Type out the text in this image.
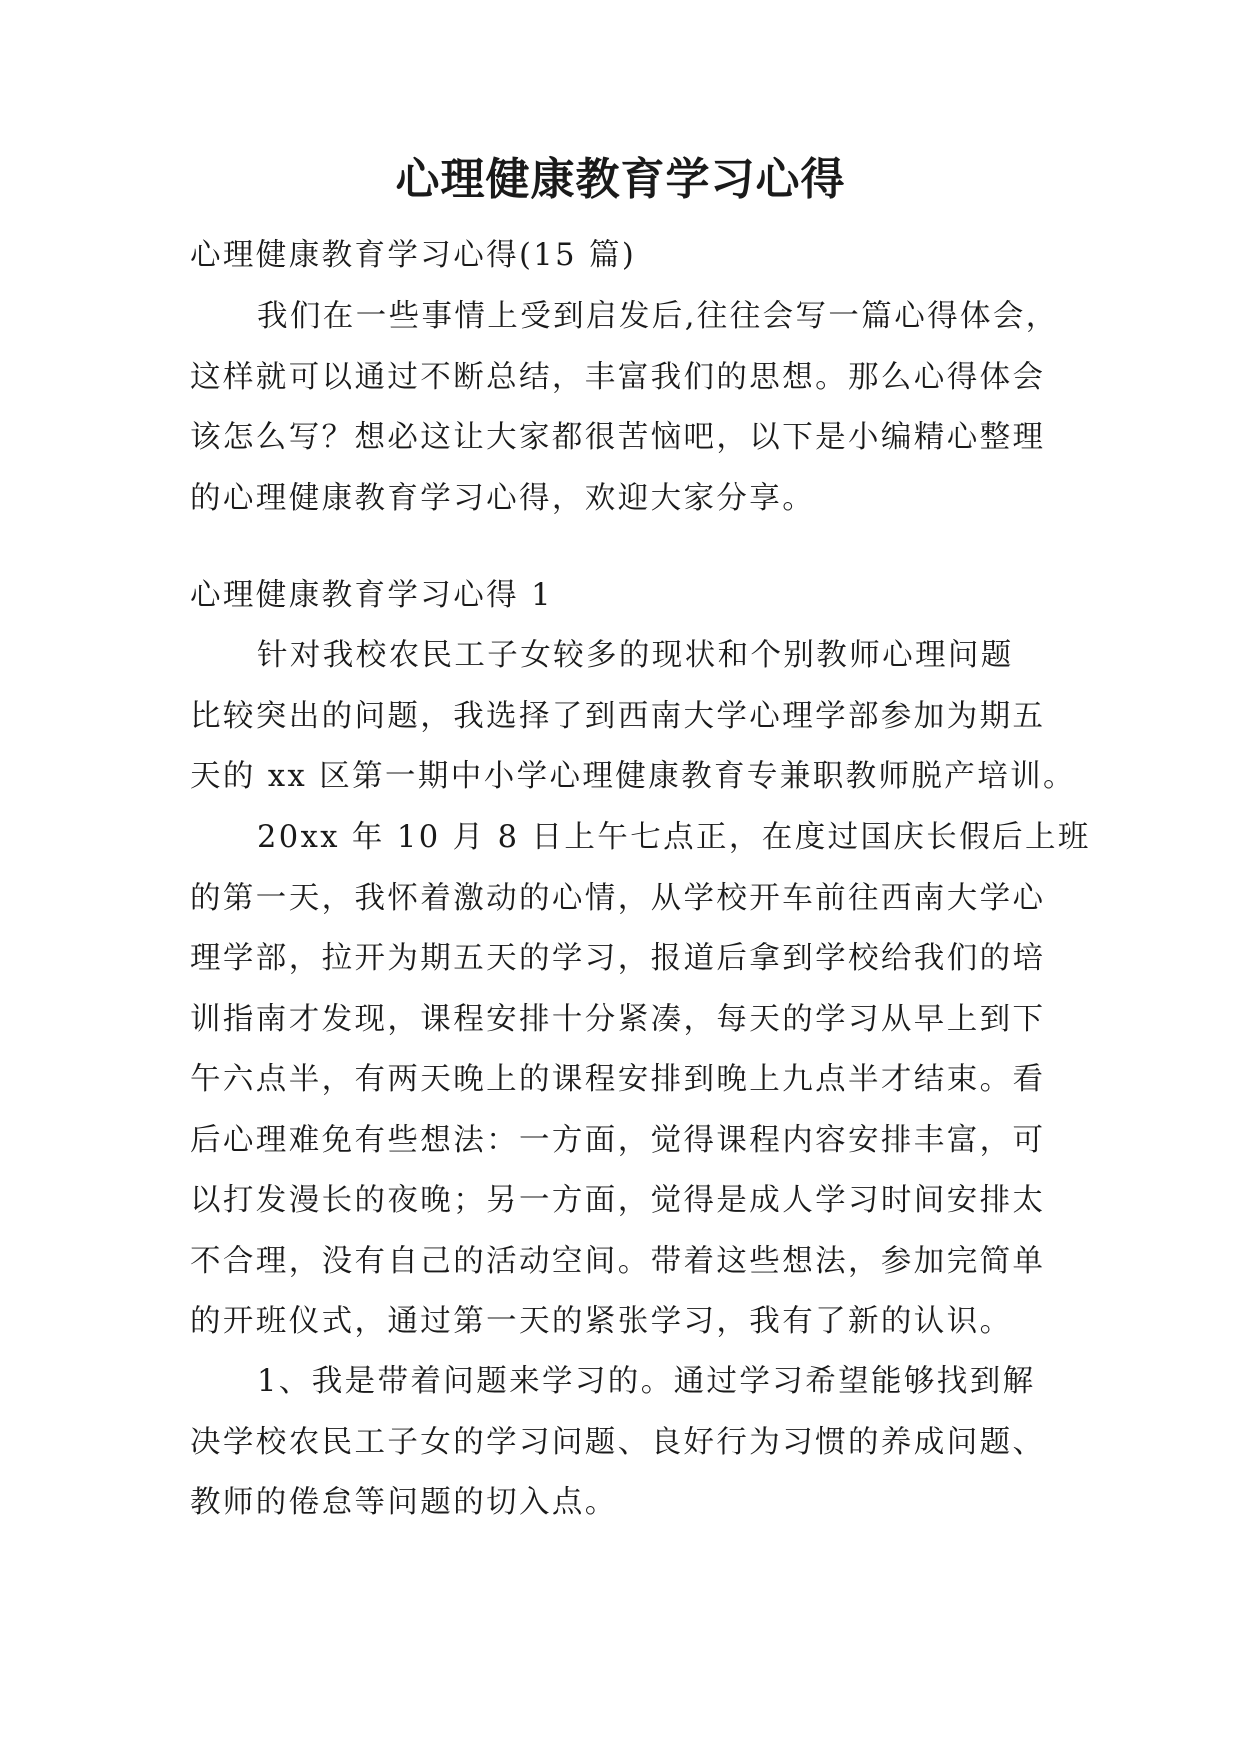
心理健康教育学习心得

心理健康教育学习心得(15 篇)

我们在一些事情上受到启发后,往往会写一篇心得体会，
这样就可以通过不断总结，丰富我们的思想。那么心得体会
该怎么写？想必这让大家都很苦恼吧，以下是小编精心整理
的心理健康教育学习心得，欢迎大家分享。

心理健康教育学习心得 1

针对我校农民工子女较多的现状和个别教师心理问题
比较突出的问题，我选择了到西南大学心理学部参加为期五
天的 xx 区第一期中小学心理健康教育专兼职教师脱产培训。

20xx 年 10 月 8 日上午七点正，在度过国庆长假后上班
的第一天，我怀着激动的心情，从学校开车前往西南大学心
理学部，拉开为期五天的学习，报道后拿到学校给我们的培
训指南才发现，课程安排十分紧凑，每天的学习从早上到下
午六点半，有两天晚上的课程安排到晚上九点半才结束。看
后心理难免有些想法：一方面，觉得课程内容安排丰富，可
以打发漫长的夜晚；另一方面，觉得是成人学习时间安排太
不合理，没有自己的活动空间。带着这些想法，参加完简单
的开班仪式，通过第一天的紧张学习，我有了新的认识。

1、我是带着问题来学习的。通过学习希望能够找到解
决学校农民工子女的学习问题、良好行为习惯的养成问题、
教师的倦怠等问题的切入点。
